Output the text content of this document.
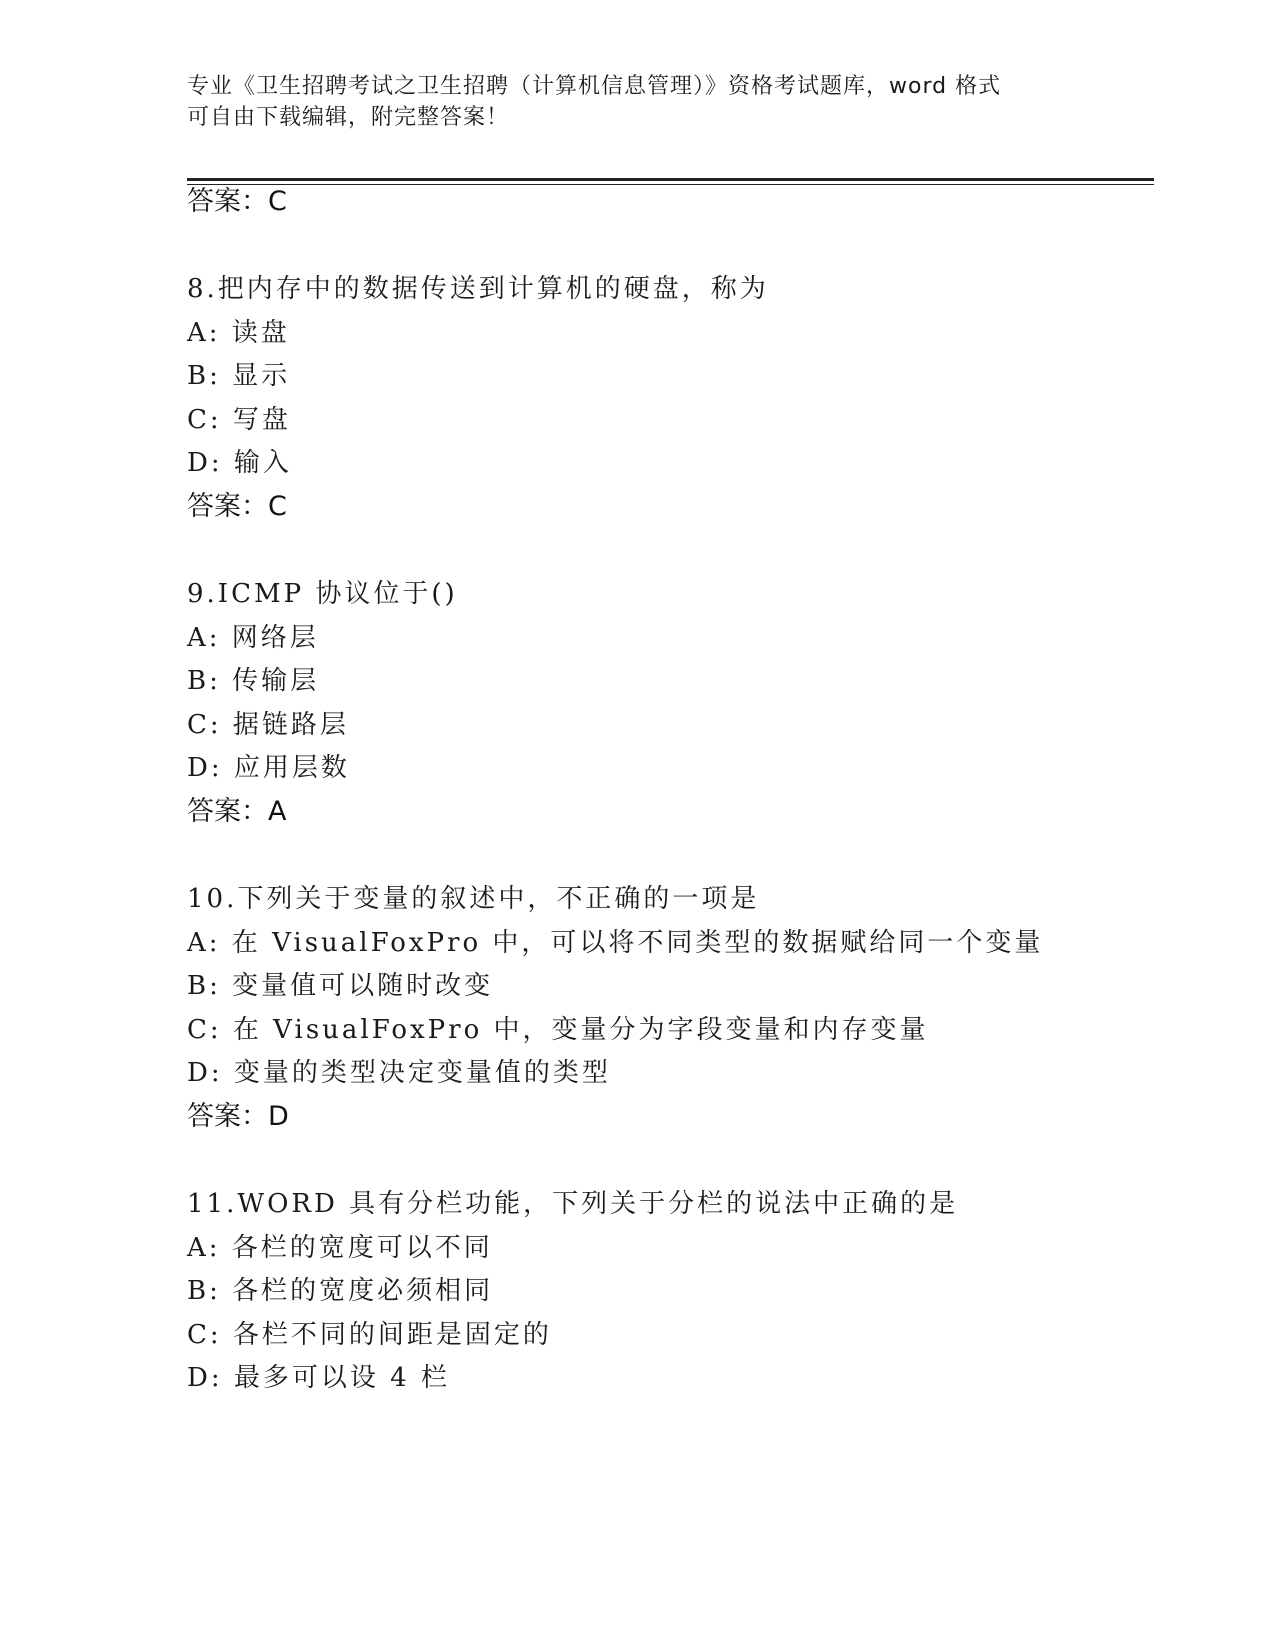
专业《卫生招聘考试之卫生招聘（计算机信息管理）》资格考试题库，word 格式
可自由下载编辑，附完整答案！
答案：C
8.把内存中的数据传送到计算机的硬盘，称为
A: 读盘
B: 显示
C: 写盘
D: 输入
答案：C
9.ICMP 协议位于()
A: 网络层
B: 传输层
C: 据链路层
D: 应用层数
答案：A
10.下列关于变量的叙述中，不正确的一项是
A: 在 VisualFoxPro 中，可以将不同类型的数据赋给同一个变量
B: 变量值可以随时改变
C: 在 VisualFoxPro 中，变量分为字段变量和内存变量
D: 变量的类型决定变量值的类型
答案：D
11.WORD 具有分栏功能，下列关于分栏的说法中正确的是
A: 各栏的宽度可以不同
B: 各栏的宽度必须相同
C: 各栏不同的间距是固定的
D: 最多可以设 4 栏
